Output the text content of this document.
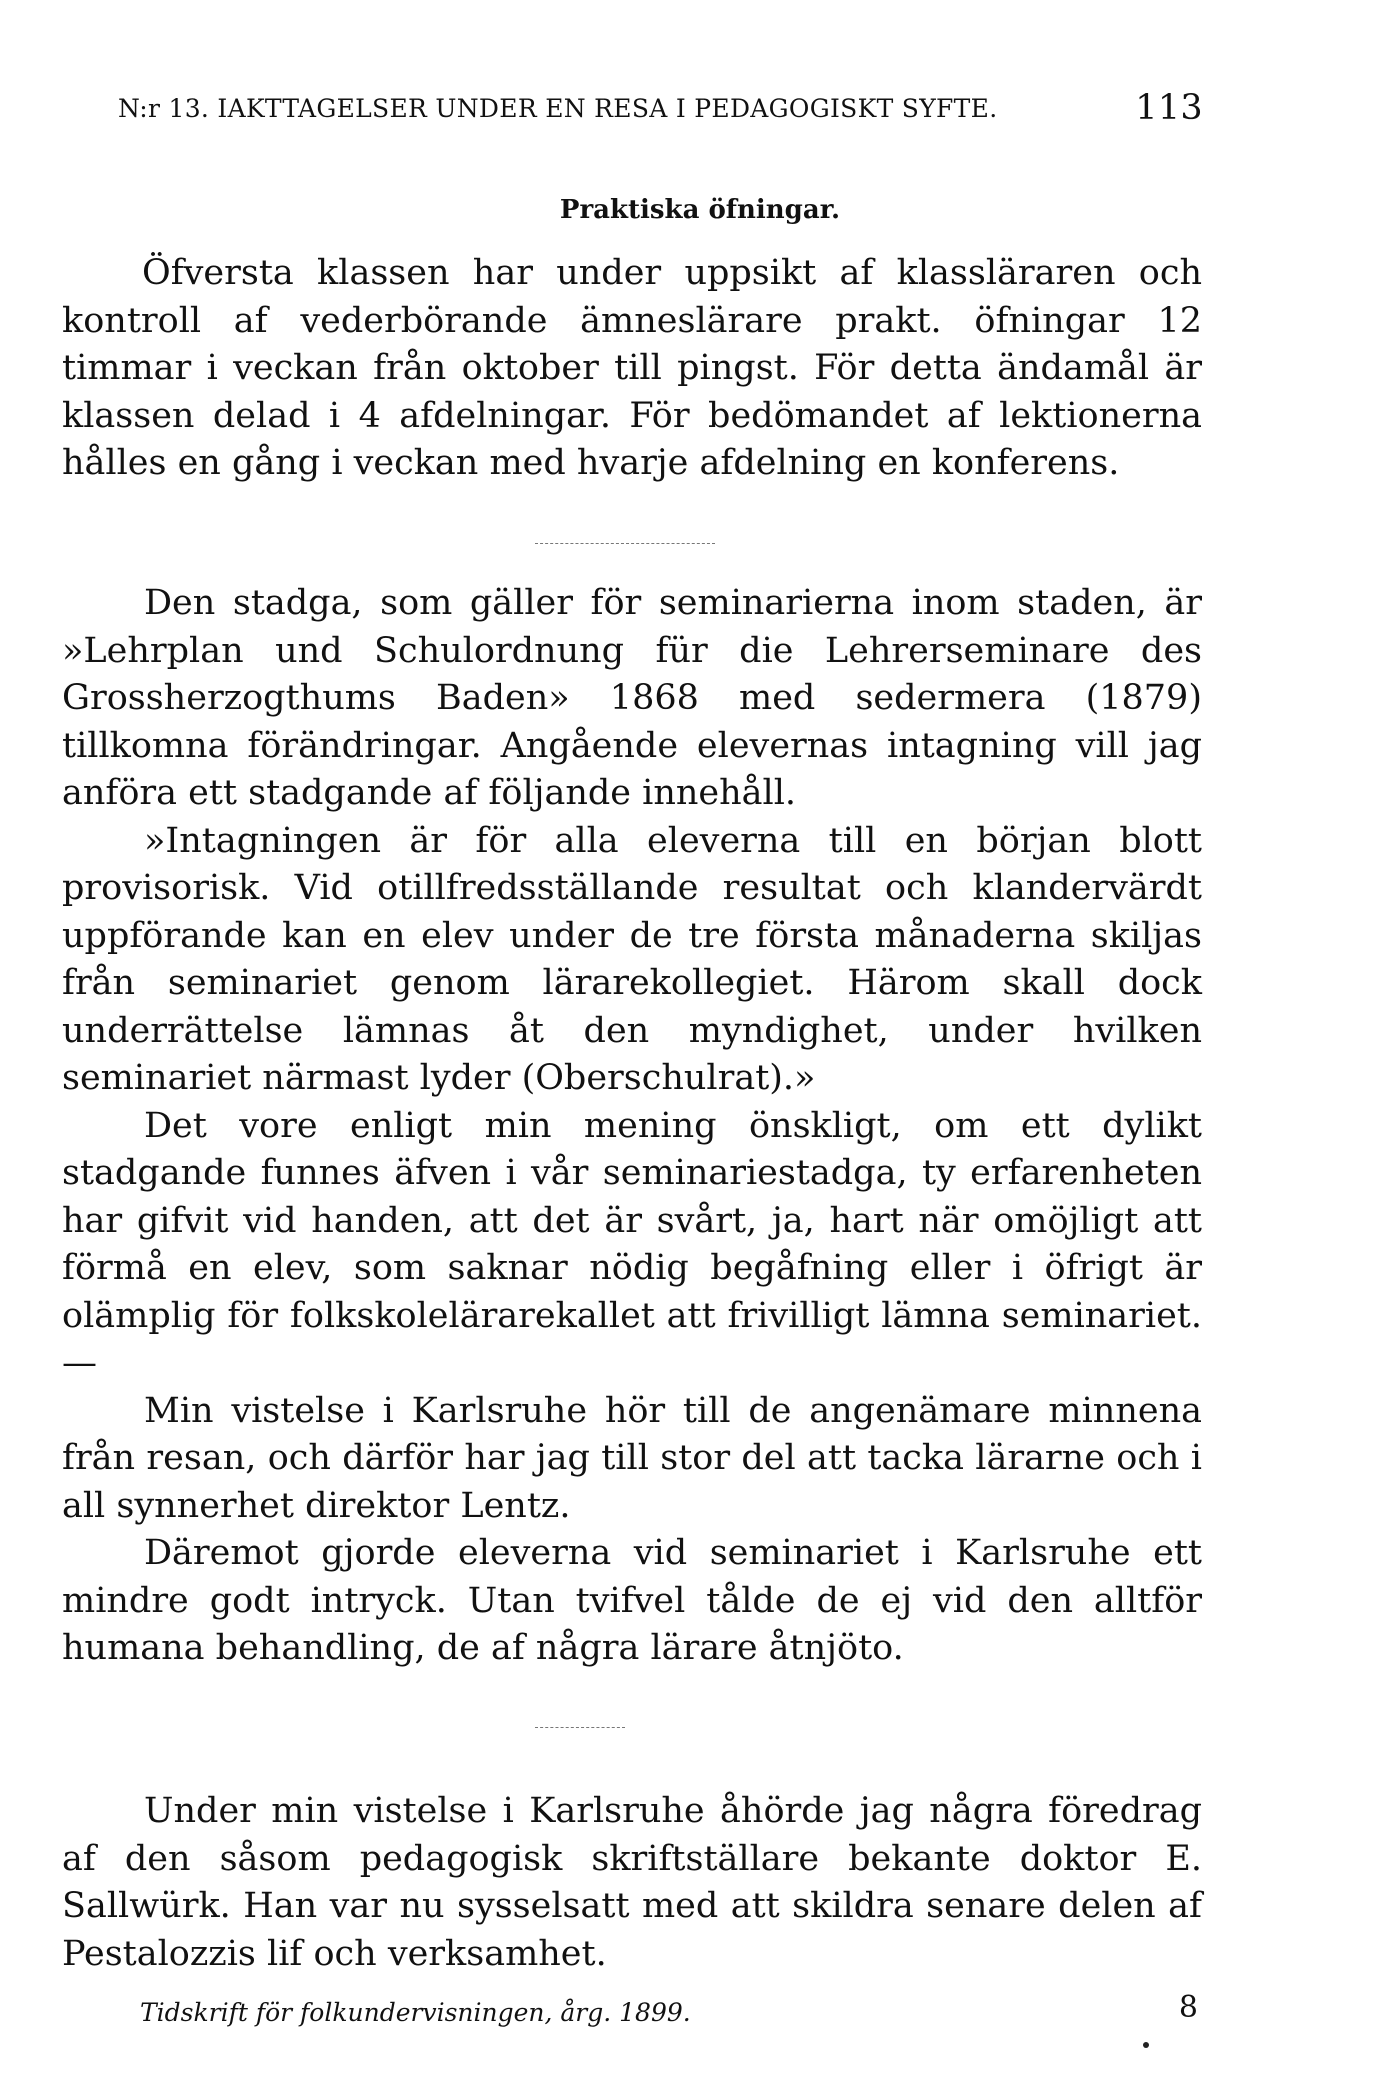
N:r 13. IAKTTAGELSER UNDER EN RESA I PEDAGOGISKT SYFTE.	113
Praktiska öfningar.

Öfversta klassen har under uppsikt af klassläraren och kontroll af vederbörande ämneslärare prakt. öfningar 12 timmar i veckan från oktober till pingst. För detta ändamål är klassen delad i 4 afdelningar. För bedömandet af lektionerna hålles en gång i veckan med hvarje afdelning en konferens.

Den stadga, som gäller för seminarierna inom staden, är »Lehrplan und Schulordnung für die Lehrerseminare des Grossherzogthums Baden» 1868 med sedermera (1879) tillkomna förändringar. Angående elevernas intagning vill jag anföra ett stadgande af följande innehåll.

»Intagningen är för alla eleverna till en början blott provisorisk. Vid otillfredsställande resultat och klandervärdt uppförande kan en elev under de tre första månaderna skiljas från seminariet genom lärarekollegiet. Härom skall dock underrättelse lämnas åt den myndighet, under hvilken seminariet närmast lyder (Oberschulrat).»

Det vore enligt min mening önskligt, om ett dylikt stadgande funnes äfven i vår seminariestadga, ty erfarenheten har gifvit vid handen, att det är svårt, ja, hart när omöjligt att förmå en elev, som saknar nödig begåfning eller i öfrigt är olämplig för folkskolelärarekallet att frivilligt lämna seminariet. —

Min vistelse i Karlsruhe hör till de angenämare minnena från resan, och därför har jag till stor del att tacka lärarne och i all synnerhet direktor Lentz.

Däremot gjorde eleverna vid seminariet i Karlsruhe ett mindre godt intryck. Utan tvifvel tålde de ej vid den alltför humana behandling, de af några lärare åtnjöto.

Under min vistelse i Karlsruhe åhörde jag några föredrag af den såsom pedagogisk skriftställare bekante doktor E. Sallwürk. Han var nu sysselsatt med att skildra senare delen af Pestalozzis lif och verksamhet.

Tidskrift för folkundervisningen, årg. 1899.	8
